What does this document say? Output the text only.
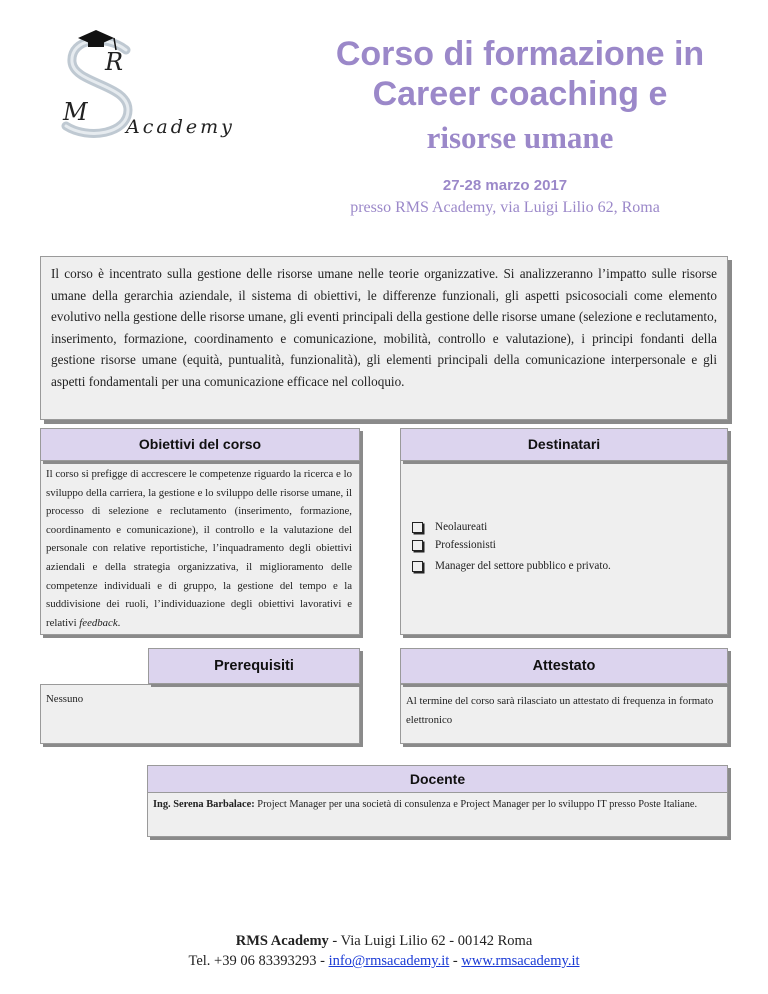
R
M
Academy
Corso di formazione in
Career coaching e
risorse umane
27-28 marzo 2017
presso RMS Academy, via Luigi Lilio 62, Roma
Il corso è incentrato sulla gestione delle risorse umane nelle teorie organizzative. Si analizzeranno l’impatto sulle risorse umane della gerarchia aziendale, il sistema di obiettivi, le differenze funzionali, gli aspetti psicosociali come elemento evolutivo nella gestione delle risorse umane, gli eventi principali della gestione delle risorse umane (selezione e reclutamento, inserimento, formazione, coordinamento e comunicazione, mobilità, controllo e valutazione), i principi fondanti della gestione risorse umane (equità, puntualità, funzionalità), gli elementi principali della comunicazione interpersonale e gli aspetti fondamentali per una comunicazione efficace nel colloquio.
Obiettivi del corso
Il corso si prefigge di accrescere le competenze riguardo la ricerca e lo sviluppo della carriera, la gestione e lo sviluppo delle risorse umane, il processo di selezione e reclutamento (inserimento, formazione, coordinamento e comunicazione), il controllo e la valutazione del personale con relative reportistiche, l’inquadramento degli obiettivi aziendali e della strategia organizzativa, il miglioramento delle competenze individuali e di gruppo, la gestione del tempo e la suddivisione dei ruoli, l’individuazione degli obiettivi lavorativi e relativi feedback.
Destinatari
Neolaureati
Professionisti
Manager del settore pubblico e privato.
Prerequisiti
Nessuno
Attestato
Al termine del corso sarà rilasciato un attestato di frequenza in formato elettronico
Docente
Ing. Serena Barbalace: Project Manager per una società di consulenza e Project Manager per lo sviluppo IT presso Poste Italiane.
RMS Academy - Via Luigi Lilio 62 - 00142 Roma
Tel. +39 06 83393293 - info@rmsacademy.it - www.rmsacademy.it
